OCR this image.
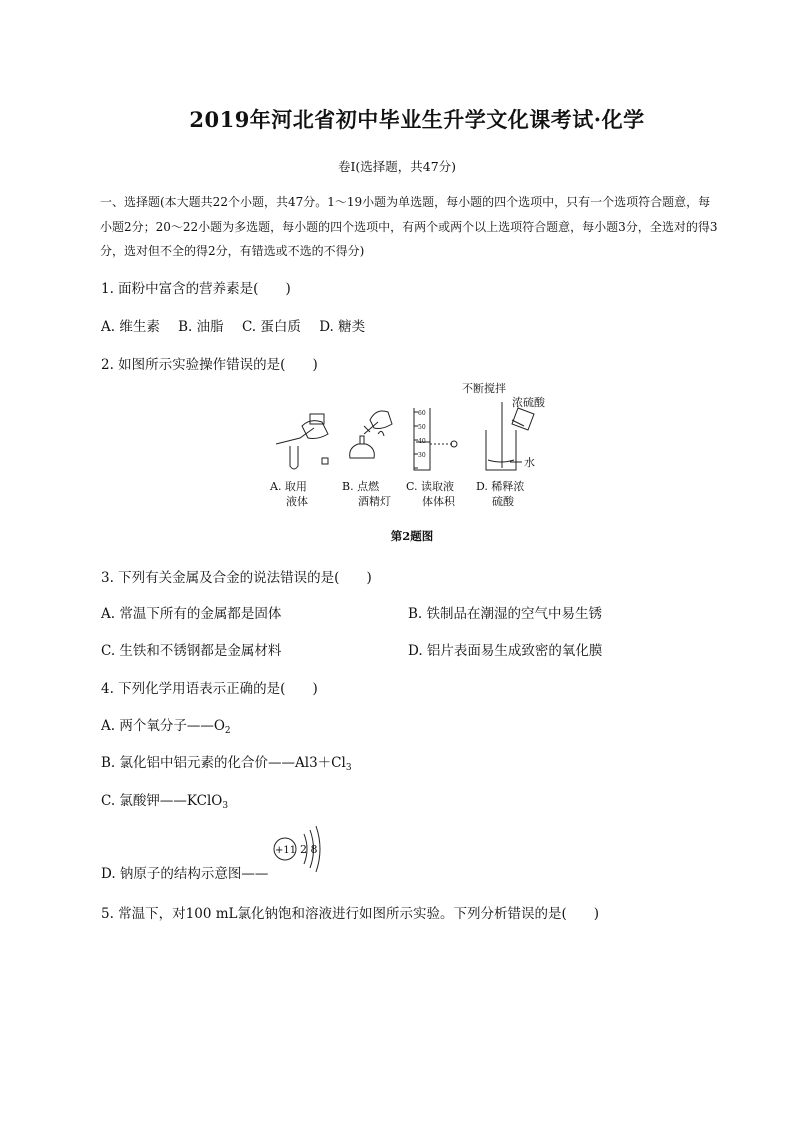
2019年河北省初中毕业生升学文化课考试·化学
卷Ⅰ(选择题，共47分)
一、选择题(本大题共22个小题，共47分。1～19小题为单选题，每小题的四个选项中，只有一个选项符合题意，每小题2分；20～22小题为多选题，每小题的四个选项中，有两个或两个以上选项符合题意，每小题3分，全选对的得3分，选对但不全的得2分，有错选或不选的不得分)
1. 面粉中富含的营养素是(　　)
A. 维生素 B. 油脂 C. 蛋白质 D. 糖类
2. 如图所示实验操作错误的是(　　)
不断搅拌
浓硫酸
水
60
50
40
30
A. 取用
液体
B. 点燃
酒精灯
C. 读取液
体体积
D. 稀释浓
硫酸
第2题图
3. 下列有关金属及合金的说法错误的是(　　)
A. 常温下所有的金属都是固体	B. 铁制品在潮湿的空气中易生锈
C. 生铁和不锈钢都是金属材料	D. 铝片表面易生成致密的氧化膜
4. 下列化学用语表示正确的是(　　)
A. 两个氧分子$——O_2$
B. 氯化铝中铝元素的化合价$——Al3+Cl_3$
C. 氯酸钾——KClO$_3$
D. 钠原子的结构示意图——
+11 2 8
5. 常温下，对100 mL氯化钠饱和溶液进行如图所示实验。下列分析错误的是(　　)
